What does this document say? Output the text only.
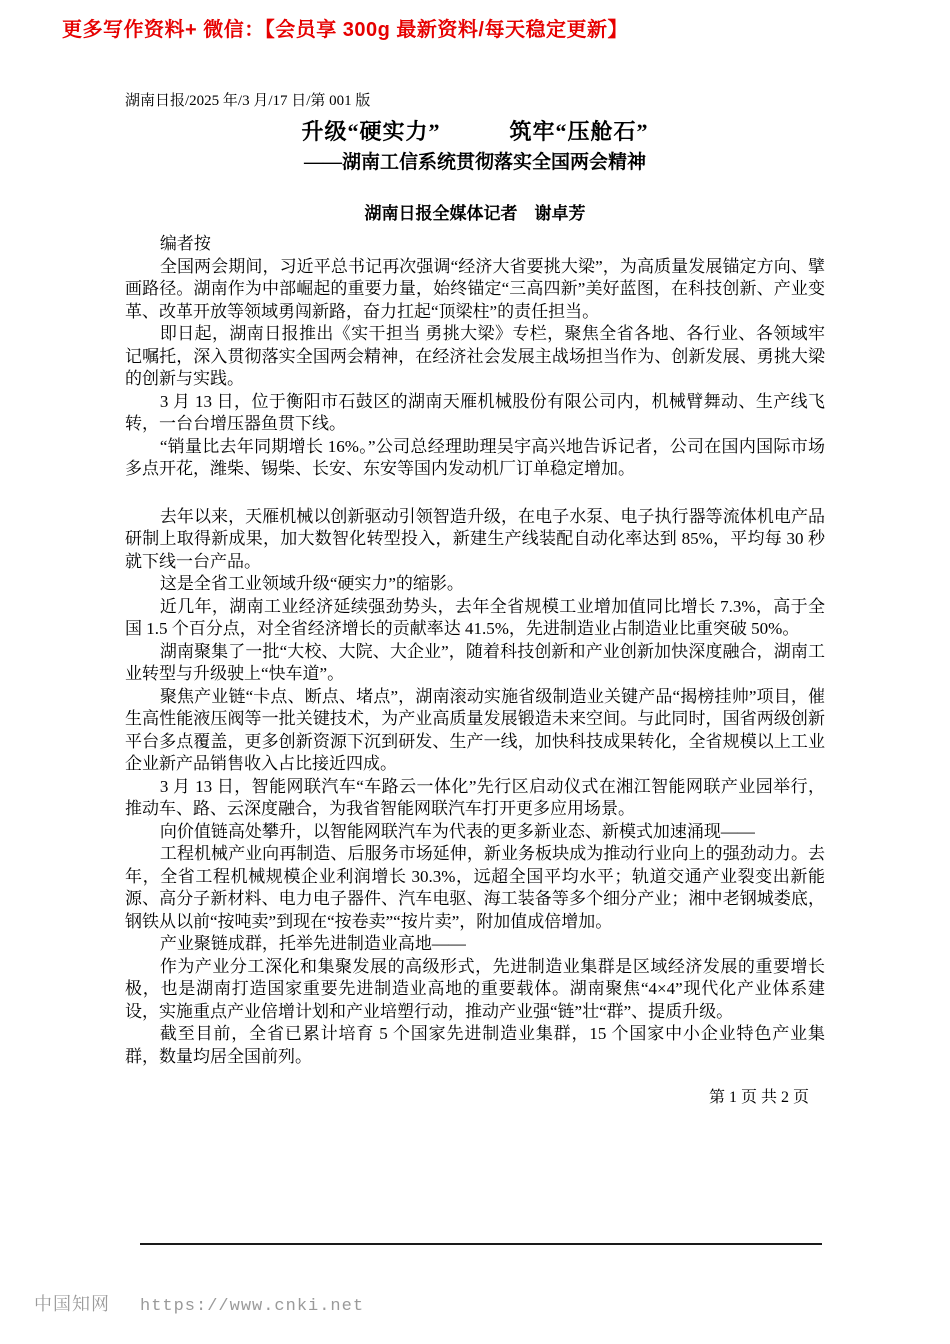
更多写作资料+ 微信：【会员享 300g 最新资料/每天稳定更新】
湖南日报/2025 年/3 月/17 日/第 001 版
升级“硬实力”　　　筑牢“压舱石”
——湖南工信系统贯彻落实全国两会精神
湖南日报全媒体记者　谢卓芳

编者按

全国两会期间，习近平总书记再次强调“经济大省要挑大梁”，为高质量发展锚定方向、擘画路径。湖南作为中部崛起的重要力量，始终锚定“三高四新”美好蓝图，在科技创新、产业变革、改革开放等领域勇闯新路，奋力扛起“顶梁柱”的责任担当。

即日起，湖南日报推出《实干担当 勇挑大梁》专栏，聚焦全省各地、各行业、各领域牢记嘱托，深入贯彻落实全国两会精神，在经济社会发展主战场担当作为、创新发展、勇挑大梁的创新与实践。

3 月 13 日，位于衡阳市石鼓区的湖南天雁机械股份有限公司内，机械臂舞动、生产线飞转，一台台增压器鱼贯下线。

“销量比去年同期增长 16%。”公司总经理助理吴宇高兴地告诉记者，公司在国内国际市场多点开花，潍柴、锡柴、长安、东安等国内发动机厂订单稳定增加。

去年以来，天雁机械以创新驱动引领智造升级，在电子水泵、电子执行器等流体机电产品研制上取得新成果，加大数智化转型投入，新建生产线装配自动化率达到 85%，平均每 30 秒就下线一台产品。

这是全省工业领域升级“硬实力”的缩影。

近几年，湖南工业经济延续强劲势头，去年全省规模工业增加值同比增长 7.3%，高于全国 1.5 个百分点，对全省经济增长的贡献率达 41.5%，先进制造业占制造业比重突破 50%。

湖南聚集了一批“大校、大院、大企业”，随着科技创新和产业创新加快深度融合，湖南工业转型与升级驶上“快车道”。

聚焦产业链“卡点、断点、堵点”，湖南滚动实施省级制造业关键产品“揭榜挂帅”项目，催生高性能液压阀等一批关键技术，为产业高质量发展锻造未来空间。与此同时，国省两级创新平台多点覆盖，更多创新资源下沉到研发、生产一线，加快科技成果转化，全省规模以上工业企业新产品销售收入占比接近四成。

3 月 13 日，智能网联汽车“车路云一体化”先行区启动仪式在湘江智能网联产业园举行，推动车、路、云深度融合，为我省智能网联汽车打开更多应用场景。

向价值链高处攀升，以智能网联汽车为代表的更多新业态、新模式加速涌现——

工程机械产业向再制造、后服务市场延伸，新业务板块成为推动行业向上的强劲动力。去年，全省工程机械规模企业利润增长 30.3%，远超全国平均水平；轨道交通产业裂变出新能源、高分子新材料、电力电子器件、汽车电驱、海工装备等多个细分产业；湘中老钢城娄底，钢铁从以前“按吨卖”到现在“按卷卖”“按片卖”，附加值成倍增加。

产业聚链成群，托举先进制造业高地——

作为产业分工深化和集聚发展的高级形式，先进制造业集群是区域经济发展的重要增长极，也是湖南打造国家重要先进制造业高地的重要载体。湖南聚焦“4×4”现代化产业体系建设，实施重点产业倍增计划和产业培塑行动，推动产业强“链”壮“群”、提质升级。

截至目前，全省已累计培育 5 个国家先进制造业集群，15 个国家中小企业特色产业集群，数量均居全国前列。

第 1 页 共 2 页
中国知网 https://www.cnki.net
